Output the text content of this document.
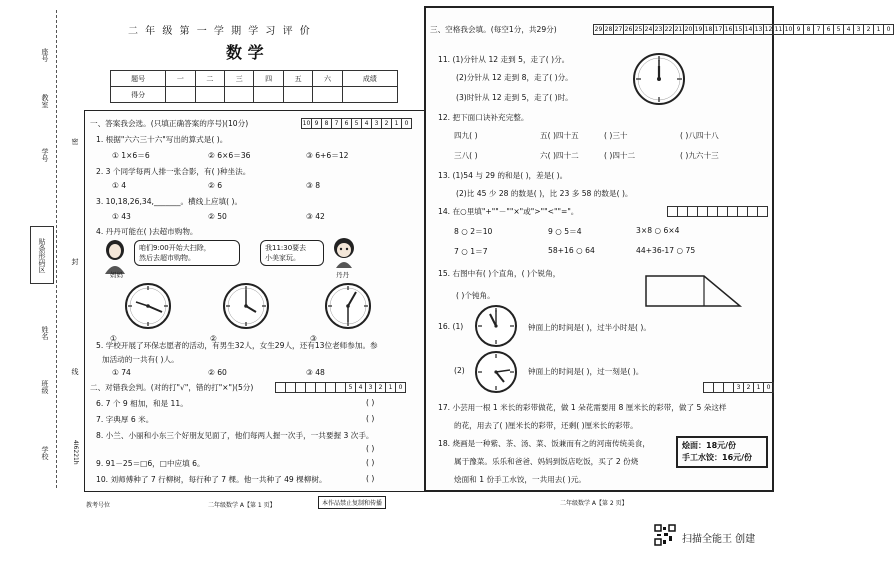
座号
教室
学号
姓名
班级
学校
密
封
线
贴条形码区
4I6221h
二 年 级 第 一 学 期 学 习 评 价
数 学
题号	一	二	三	四	五	六	成绩
得分							
一、答案我会选。(只填正确答案的序号)(10分)	10 9	8	7	6	5	4	3	2	1	0
1. 根据"六六三十六"写出的算式是( )。
① 1×6＝6	② 6×6＝36	③ 6+6＝12
2. 3 个同学每两人排一张合影，有( )种坐法。
① 4	② 6	③ 8
3. 10,18,26,34,_______。横线上应填( )。
① 43	② 50	③ 42
4. 丹丹可能在( )去超市购物。
咱们9:00开始大扫除，
然后去超市购物。
妈妈
我11:30要去
小美家玩。
丹丹
①	②	③
5. 学校开展了环保志愿者的活动，有男生32人，女生29人，还有13位老师参加。参
加活动的一共有( )人。
① 74	② 60	③ 48
二、对错我会判。(对的打"√"，错的打"×")(5分)	5	4	3	2	1	0
6. 7 个 9 相加，和是 11。	( )
7. 字典厚 6 米。	( )
8. 小兰、小丽和小东三个好朋友见面了，他们每两人握一次手，一共要握 3 次手。
( )
9. 91－25＝□6，□中应填 6。	( )
10. 刘师傅种了 7 行柳树，每行种了 7 棵。他一共种了 49 棵柳树。	( )
教考号位	二年级数学 A【第 1 页】	本作品禁止复制和传播
三、空格我会填。(每空1分，共29分)	29 28 27 26 25 24 23 22 21 20 19 18 17 16 15 14 13 12 11 10 9	8	7	6	5	4	3	2	1	0
11. (1)分针从 12 走到 5，走了( )分。
(2)分针从 12 走到 8，走了( )分。
(3)时针从 12 走到 5，走了( )时。
12. 把下面口诀补充完整。
四九( )	五( )四十五	( )三十	( )八四十八
三八( )	六( )四十二	( )四十二	( )九六十三
13. (1)54 与 29 的和是( )，差是( )。
(2)比 45 少 28 的数是( )，比 23 多 58 的数是( )。
14. 在○里填"+""－""×"或">""<""="。
8 ○ 2＝10	9 ○ 5＝4	3×8 ○ 6×4
7 ○ 1＝7	58+16 ○ 64	44+36-17 ○ 75
15. 右图中有( )个直角，( )个锐角，
( )个钝角。
16. (1)	钟面上的时间是( )，过半小时是( )。
(2)	钟面上的时间是( )，过一刻是( )。
3	2	1	0
17. 小芸用一根 1 米长的彩带做花，做 1 朵花需要用 8 厘米长的彩带，做了 5 朵这样
的花，用去了( )厘米长的彩带，还剩( )厘米长的彩带。
18. 烧画是一种紫、茶、汤、菜、饭兼而有之的河南传统美食，
属于豫菜。乐乐和爸爸、妈妈到饭店吃饭，买了 2 份烧
烩面和 1 份手工水饺，一共用去( )元。
烩面：18元/份
手工水饺：16元/份
二年级数学 A【第 2 页】
扫描全能王 创建
